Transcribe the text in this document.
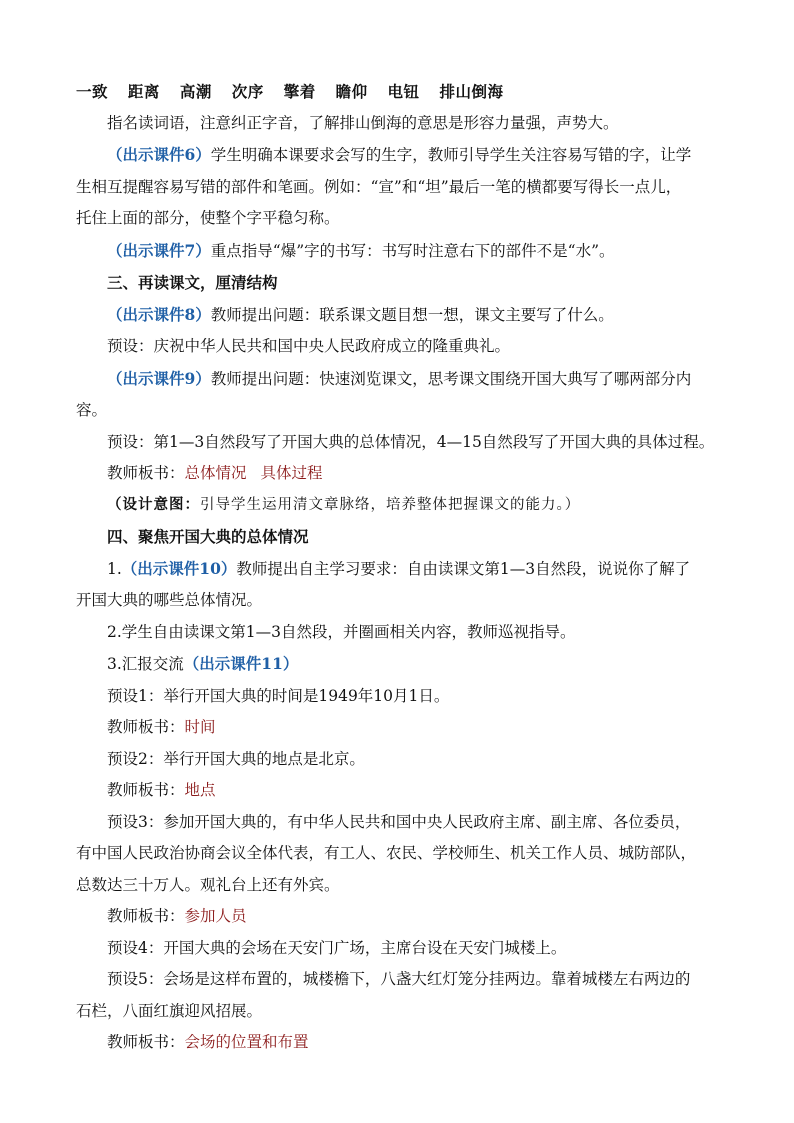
一致 距离 高潮 次序 擎着 瞻仰 电钮 排山倒海
指名读词语，注意纠正字音，了解排山倒海的意思是形容力量强，声势大。
（出示课件6）学生明确本课要求会写的生字，教师引导学生关注容易写错的字，让学
生相互提醒容易写错的部件和笔画。例如：“宣”和“坦”最后一笔的横都要写得长一点儿，
托住上面的部分，使整个字平稳匀称。
（出示课件7）重点指导“爆”字的书写：书写时注意右下的部件不是“水”。
三、再读课文，厘清结构
（出示课件8）教师提出问题：联系课文题目想一想，课文主要写了什么。
预设：庆祝中华人民共和国中央人民政府成立的隆重典礼。
（出示课件9）教师提出问题：快速浏览课文，思考课文围绕开国大典写了哪两部分内
容。
预设：第1—3自然段写了开国大典的总体情况，4—15自然段写了开国大典的具体过程。
教师板书：总体情况 具体过程
（设计意图：引导学生运用清文章脉络，培养整体把握课文的能力。）
四、聚焦开国大典的总体情况
1.（出示课件10）教师提出自主学习要求：自由读课文第1—3自然段，说说你了解了
开国大典的哪些总体情况。
2.学生自由读课文第1—3自然段，并圈画相关内容，教师巡视指导。
3.汇报交流（出示课件11）
预设1：举行开国大典的时间是1949年10月1日。
教师板书：时间
预设2：举行开国大典的地点是北京。
教师板书：地点
预设3：参加开国大典的，有中华人民共和国中央人民政府主席、副主席、各位委员，
有中国人民政治协商会议全体代表，有工人、农民、学校师生、机关工作人员、城防部队，
总数达三十万人。观礼台上还有外宾。
教师板书：参加人员
预设4：开国大典的会场在天安门广场，主席台设在天安门城楼上。
预设5：会场是这样布置的，城楼檐下，八盏大红灯笼分挂两边。靠着城楼左右两边的
石栏，八面红旗迎风招展。
教师板书：会场的位置和布置
